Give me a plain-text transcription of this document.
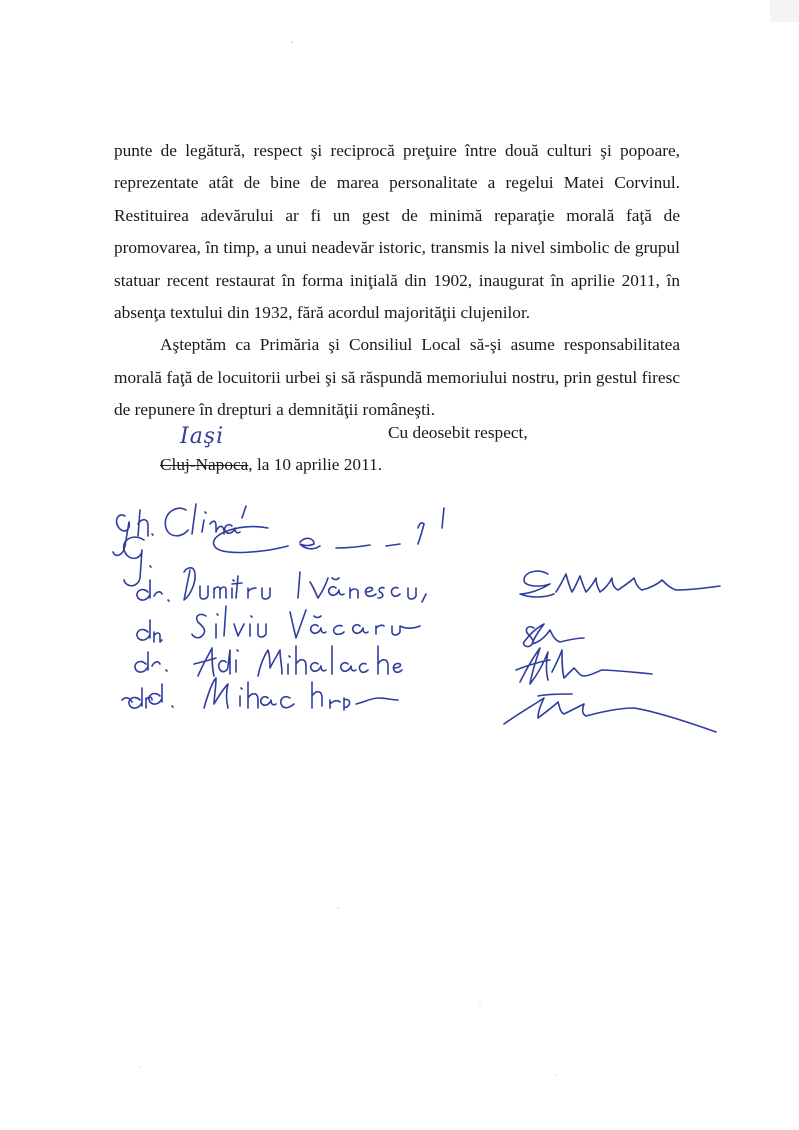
punte de legătură, respect şi reciprocă preţuire între două culturi şi popoare, reprezentate atât de bine de marea personalitate a regelui Matei Corvinul. Restituirea adevărului ar fi un gest de minimă reparaţie morală faţă de promovarea, în timp, a unui neadevăr istoric, transmis la nivel simbolic de grupul statuar recent restaurat în forma iniţială din 1902, inaugurat în aprilie 2011, în absenţa textului din 1932, fără acordul majorităţii clujenilor.

Aşteptăm ca Primăria şi Consiliul Local să-şi asume responsabilitatea morală faţă de locuitorii urbei şi să răspundă memoriului nostru, prin gestul firesc de repunere în drepturi a demnităţii româneşti.

Cu deosebit respect,
Iaşi
Cluj-Napoca, la 10 aprilie 2011.
